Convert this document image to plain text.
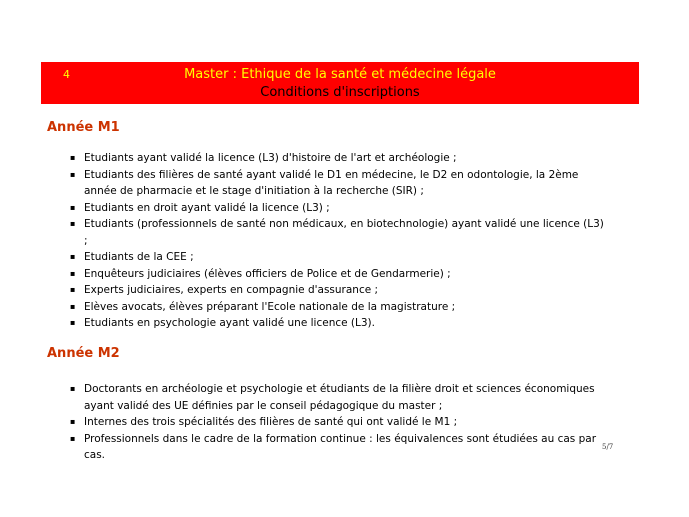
4	Master : Ethique de la santé et médecine légale
Conditions d'inscriptions
Année M1
▪ Etudiants ayant validé la licence (L3) d'histoire de l'art et archéologie ;
▪ Etudiants des filières de santé ayant validé le D1 en médecine, le D2 en odontologie, la 2ème année de pharmacie et le stage d'initiation à la recherche (SIR) ;
▪ Etudiants en droit ayant validé la licence (L3) ;
▪ Etudiants (professionnels de santé non médicaux, en biotechnologie) ayant validé une licence (L3) ;
▪ Etudiants de la CEE ;
▪ Enquêteurs judiciaires (élèves officiers de Police et de Gendarmerie) ;
▪ Experts judiciaires, experts en compagnie d'assurance ;
▪ Elèves avocats, élèves préparant l'Ecole nationale de la magistrature ;
▪ Etudiants en psychologie ayant validé une licence (L3).
Année M2
▪ Doctorants en archéologie et psychologie et étudiants de la filière droit et sciences économiques ayant validé des UE définies par le conseil pédagogique du master ;
▪ Internes des trois spécialités des filières de santé qui ont validé le M1 ;
▪ Professionnels dans le cadre de la formation continue : les équivalences sont étudiées au cas par cas.
5/7
